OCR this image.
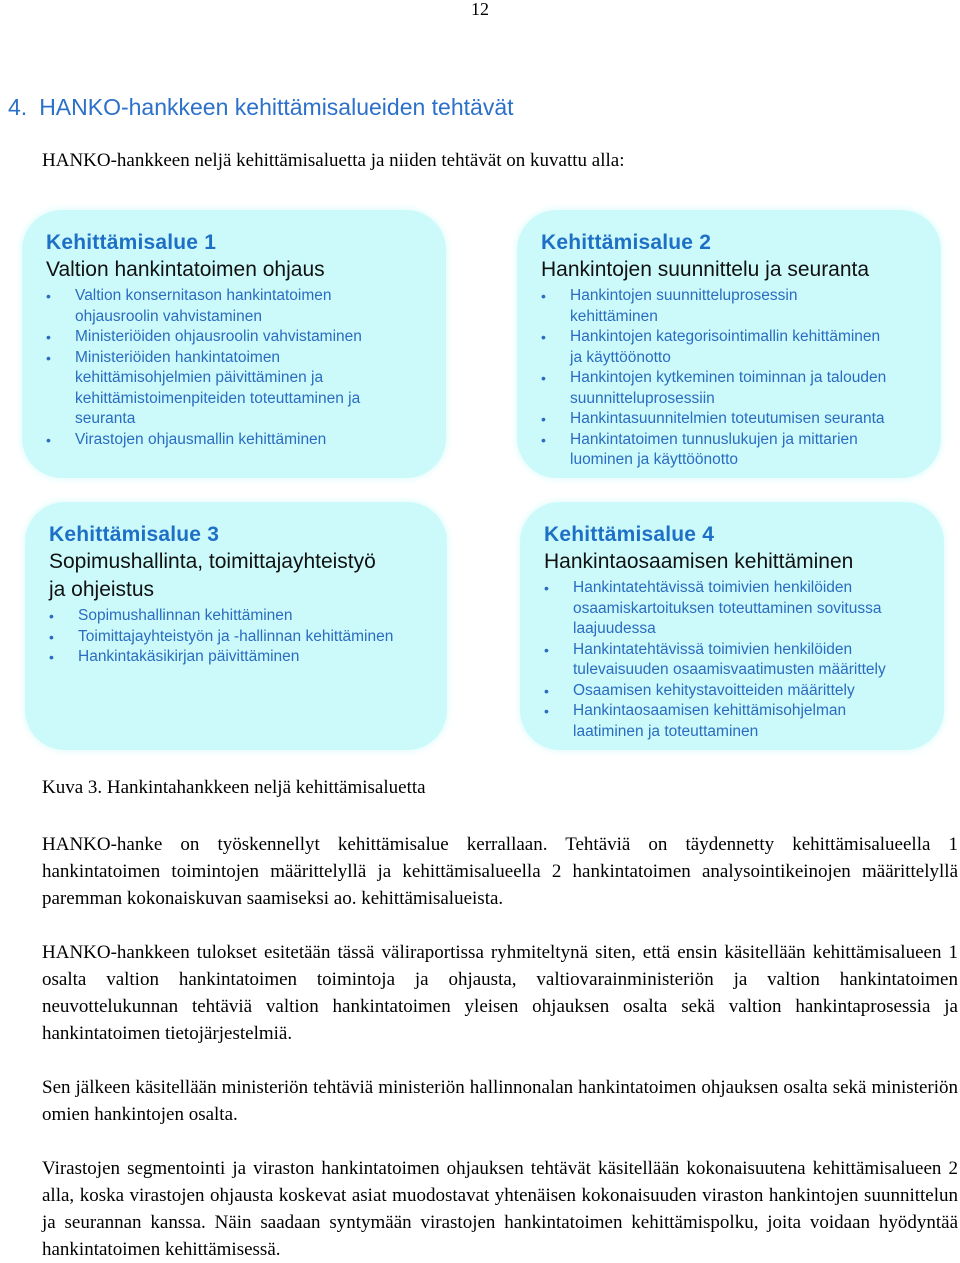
12
4. HANKO-hankkeen kehittämisalueiden tehtävät
HANKO-hankkeen neljä kehittämisaluetta ja niiden tehtävät on kuvattu alla:

Kehittämisalue 1

Valtion hankintatoimen ohjaus

• Valtion konsernitason hankintatoimen
ohjausroolin vahvistaminen
• Ministeriöiden ohjausroolin vahvistaminen
• Ministeriöiden hankintatoimen
kehittämisohjelmien päivittäminen ja
kehittämistoimenpiteiden toteuttaminen ja
seuranta
• Virastojen ohjausmallin kehittäminen

Kehittämisalue 2

Hankintojen suunnittelu ja seuranta

• Hankintojen suunnitteluprosessin
kehittäminen
• Hankintojen kategorisointimallin kehittäminen
ja käyttöönotto
• Hankintojen kytkeminen toiminnan ja talouden
suunnitteluprosessiin
• Hankintasuunnitelmien toteutumisen seuranta
• Hankintatoimen tunnuslukujen ja mittarien
luominen ja käyttöönotto

Kehittämisalue 3

Sopimushallinta, toimittajayhteistyö
ja ohjeistus

• Sopimushallinnan kehittäminen
• Toimittajayhteistyön ja -hallinnan kehittäminen
• Hankintakäsikirjan päivittäminen

Kehittämisalue 4

Hankintaosaamisen kehittäminen

• Hankintatehtävissä toimivien henkilöiden
osaamiskartoituksen toteuttaminen sovitussa
laajuudessa
• Hankintatehtävissä toimivien henkilöiden
tulevaisuuden osaamisvaatimusten määrittely
• Osaamisen kehitystavoitteiden määrittely
• Hankintaosaamisen kehittämisohjelman
laatiminen ja toteuttaminen
Kuva 3. Hankintahankkeen neljä kehittämisaluetta

HANKO-hanke on työskennellyt kehittämisalue kerrallaan. Tehtäviä on täydennetty kehittämisalueella 1 hankintatoimen toimintojen määrittelyllä ja kehittämisalueella 2 hankintatoimen analysointikeinojen määrittelyllä paremman kokonaiskuvan saamiseksi ao. kehittämisalueista.

HANKO-hankkeen tulokset esitetään tässä väliraportissa ryhmiteltynä siten, että ensin käsitellään kehittämisalueen 1 osalta valtion hankintatoimen toimintoja ja ohjausta, valtiovarainministeriön ja valtion hankintatoimen neuvottelukunnan tehtäviä valtion hankintatoimen yleisen ohjauksen osalta sekä valtion hankintaprosessia ja hankintatoimen tietojärjestelmiä.

Sen jälkeen käsitellään ministeriön tehtäviä ministeriön hallinnonalan hankintatoimen ohjauksen osalta sekä ministeriön omien hankintojen osalta.

Virastojen segmentointi ja viraston hankintatoimen ohjauksen tehtävät käsitellään kokonaisuutena kehittämisalueen 2 alla, koska virastojen ohjausta koskevat asiat muodostavat yhtenäisen kokonaisuuden viraston hankintojen suunnittelun ja seurannan kanssa. Näin saadaan syntymään virastojen hankintatoimen kehittämispolku, joita voidaan hyödyntää hankintatoimen kehittämisessä.
